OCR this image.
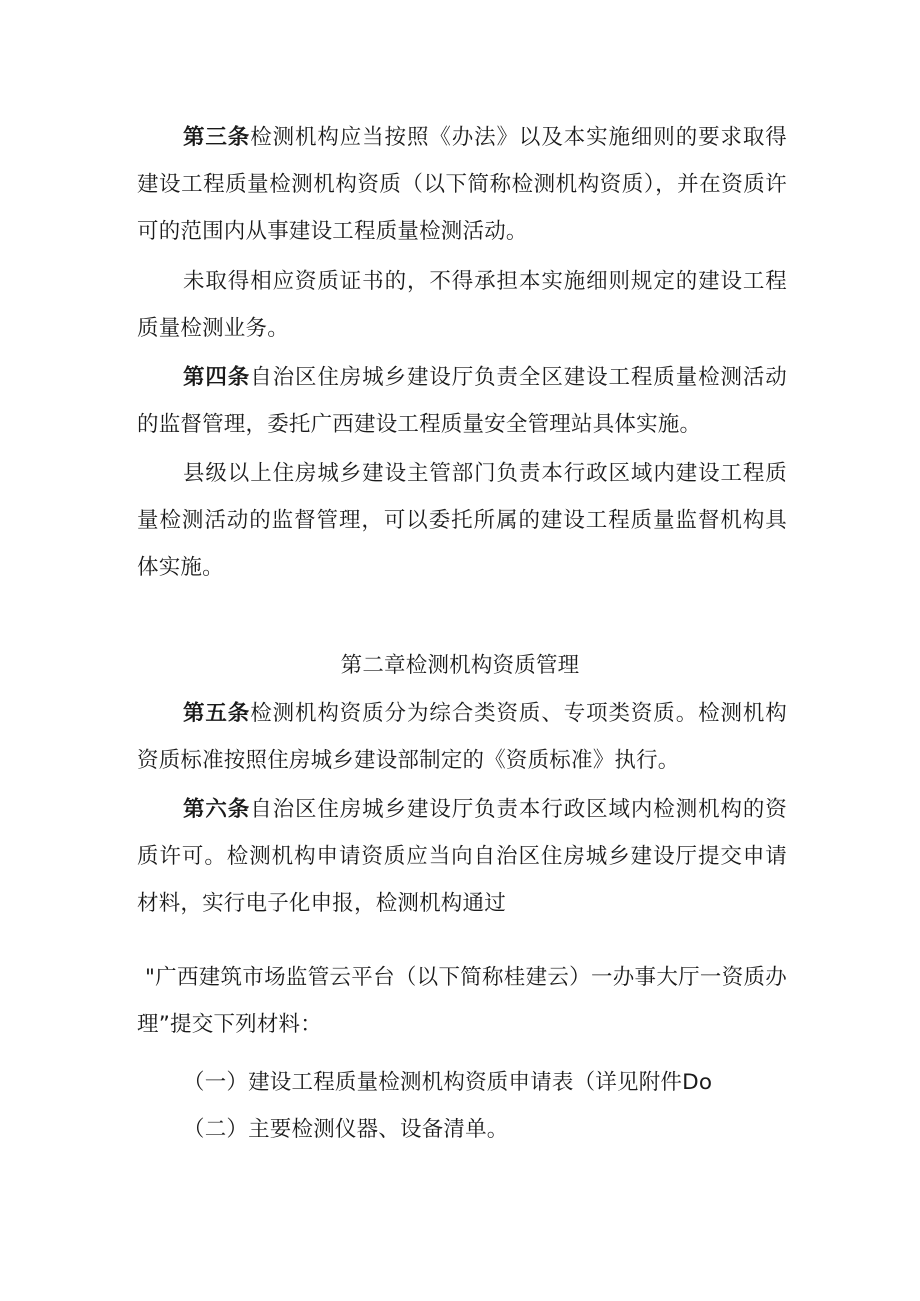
第三条检测机构应当按照《办法》以及本实施细则的要求取得建设工程质量检测机构资质（以下简称检测机构资质），并在资质许可的范围内从事建设工程质量检测活动。

未取得相应资质证书的，不得承担本实施细则规定的建设工程质量检测业务。

第四条自治区住房城乡建设厅负责全区建设工程质量检测活动的监督管理，委托广西建设工程质量安全管理站具体实施。

县级以上住房城乡建设主管部门负责本行政区域内建设工程质量检测活动的监督管理，可以委托所属的建设工程质量监督机构具体实施。

第二章检测机构资质管理

第五条检测机构资质分为综合类资质、专项类资质。检测机构资质标准按照住房城乡建设部制定的《资质标准》执行。

第六条自治区住房城乡建设厅负责本行政区域内检测机构的资质许可。检测机构申请资质应当向自治区住房城乡建设厅提交申请材料，实行电子化申报，检测机构通过

"广西建筑市场监管云平台（以下简称桂建云）一办事大厅一资质办理”提交下列材料：

（一）建设工程质量检测机构资质申请表（详见附件Do

（二）主要检测仪器、设备清单。
